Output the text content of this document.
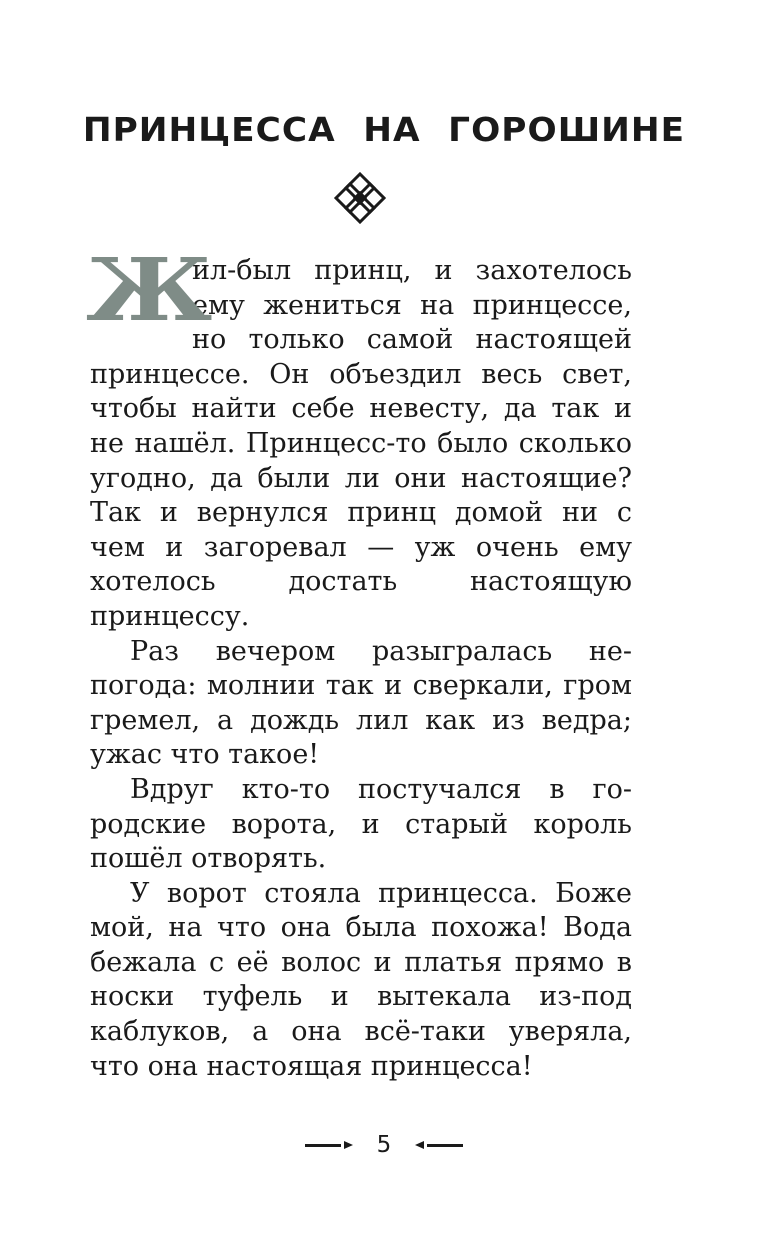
ПРИНЦЕССА НА ГОРОШИНЕ

Ж
ил-был принц, и захотелось ему жениться на принцессе, но только самой настоящей принцессе. Он объездил весь свет, чтобы найти себе невесту, да так и не нашёл. Принцесс-то было сколько угодно, да были ли они настоящие? Так и вернулся принц домой ни с чем и загоревал — уж очень ему хотелось достать настоящую принцессу.

Раз вечером разыгралась непогода: молнии так и сверкали, гром гремел, а дождь лил как из ведра; ужас что такое!

Вдруг кто-то постучался в городские ворота, и старый король пошёл отворять.

У ворот стояла принцесса. Боже мой, на что она была похожа! Вода бежала с её волос и платья прямо в носки туфель и вытекала из-под каблуков, а она всё-таки уверяла, что она настоящая принцесса!

5
